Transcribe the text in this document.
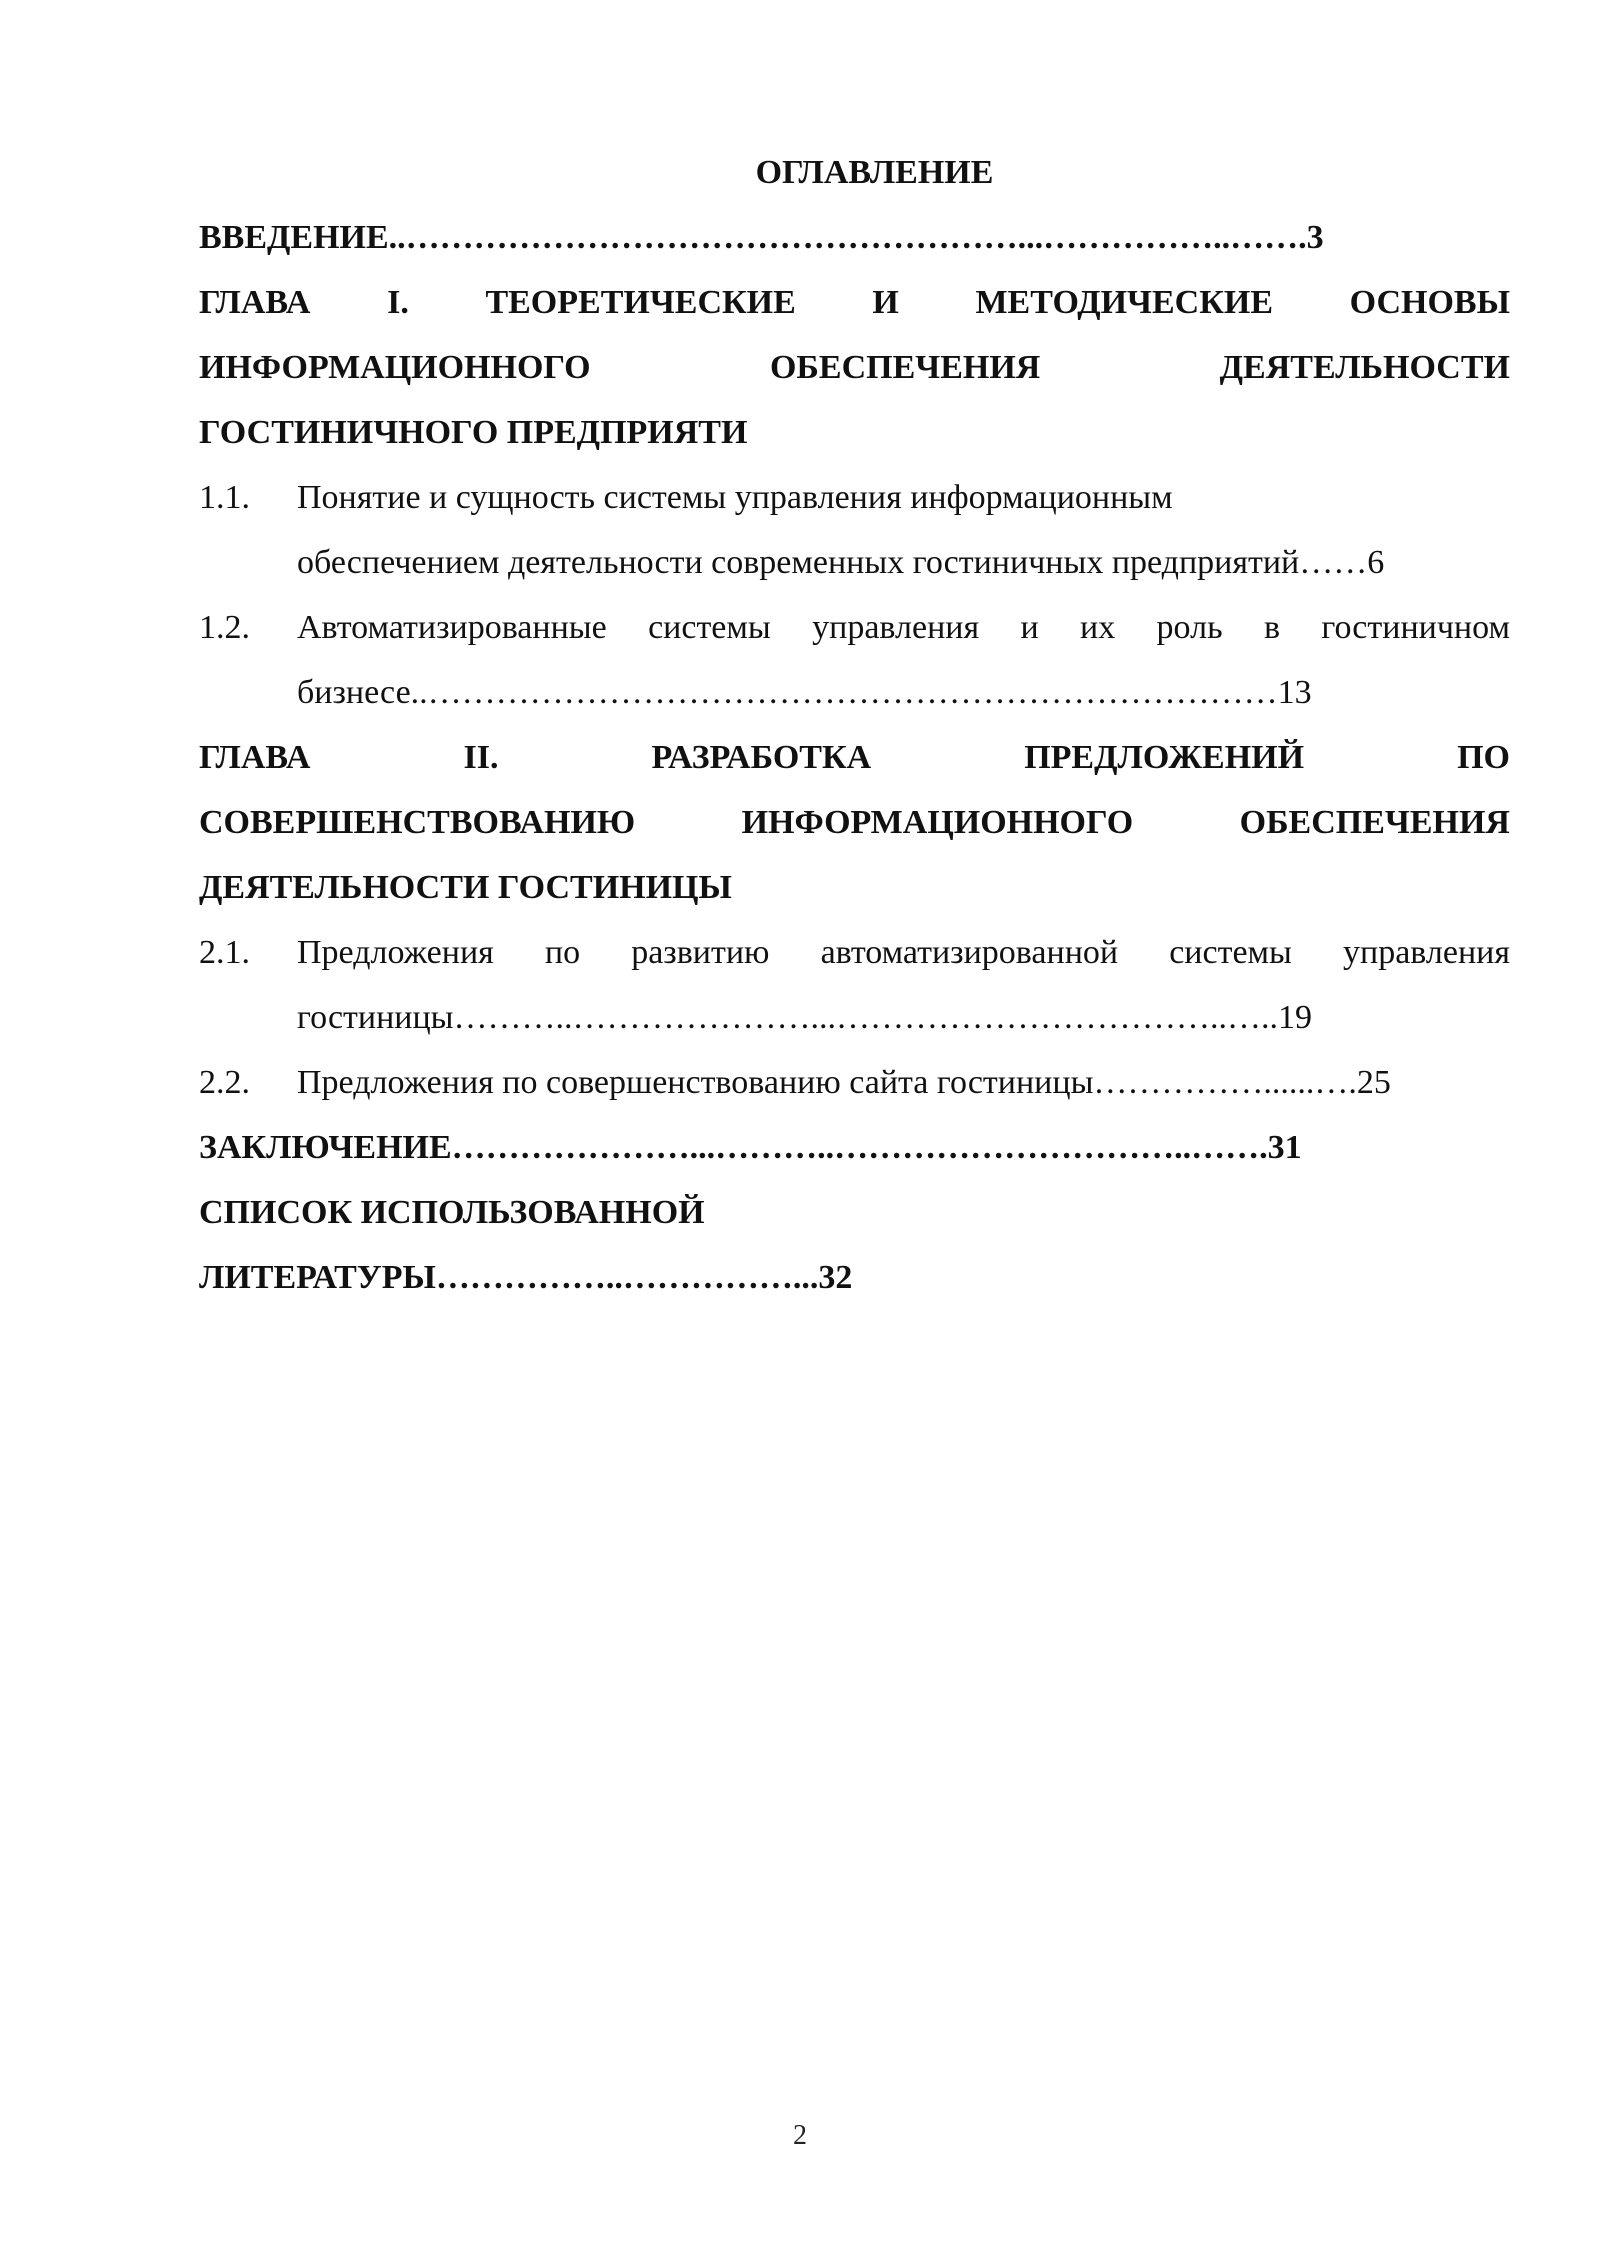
ОГЛАВЛЕНИЕ
ВВЕДЕНИЕ..………………………………………………...……………..…….3
ГЛАВА I. ТЕОРЕТИЧЕСКИЕ И МЕТОДИЧЕСКИЕ ОСНОВЫ
ИНФОРМАЦИОННОГО ОБЕСПЕЧЕНИЯ ДЕЯТЕЛЬНОСТИ
ГОСТИНИЧНОГО ПРЕДПРИЯТИ
1.1.	Понятие и сущность системы управления информационным
обеспечением деятельности современных гостиничных предприятий……6
1.2.	Автоматизированные системы управления и их роль в гостиничном
бизнесе..…………………………………………………………………13
ГЛАВА II. РАЗРАБОТКА ПРЕДЛОЖЕНИЙ ПО
СОВЕРШЕНСТВОВАНИЮ ИНФОРМАЦИОННОГО ОБЕСПЕЧЕНИЯ
ДЕЯТЕЛЬНОСТИ ГОСТИНИЦЫ
2.1.	Предложения по развитию автоматизированной системы управления
гостиницы………..…………………...……………………………..…..19
2.2.	Предложения по совершенствованию сайта гостиницы……………......….25
ЗАКЛЮЧЕНИЕ…………………...………..…………………………..…….31
СПИСОК ИСПОЛЬЗОВАННОЙ
ЛИТЕРАТУРЫ……………..……………...32
2
